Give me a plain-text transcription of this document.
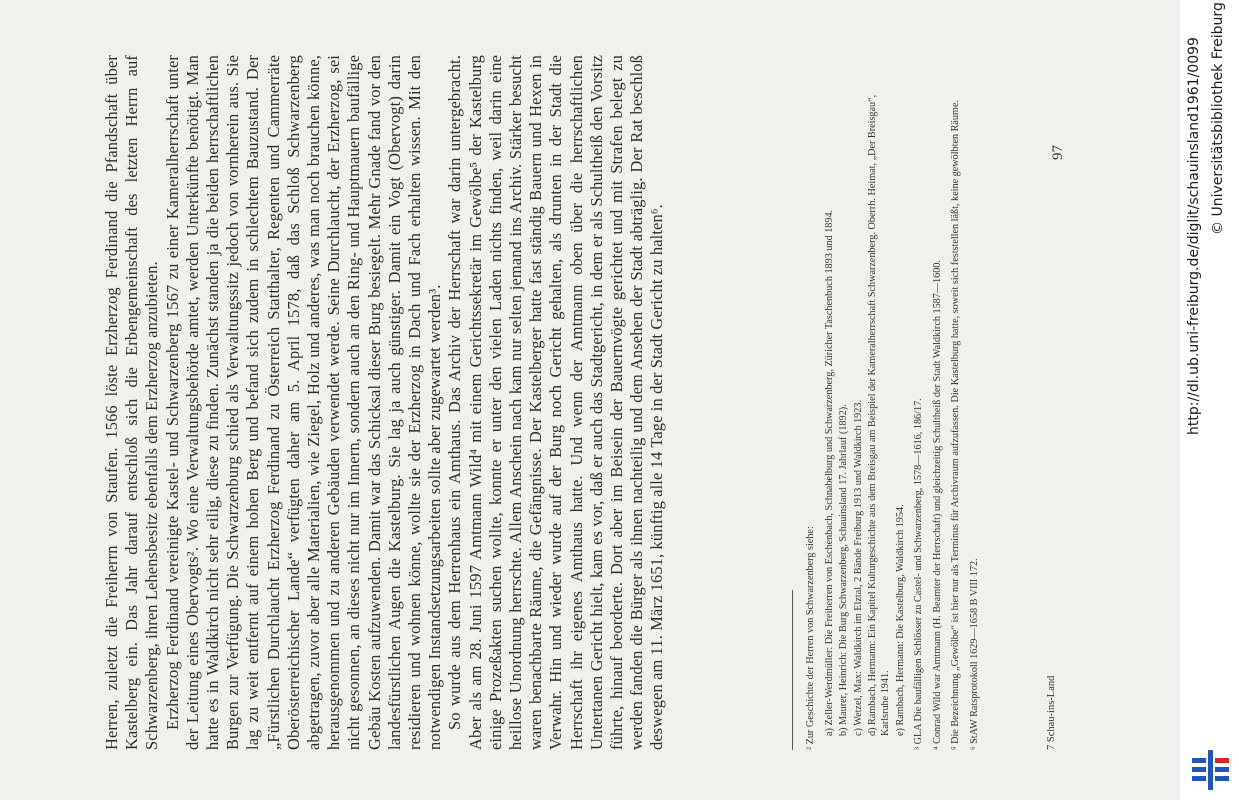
Herren, zuletzt die Freiherrn von Staufen. 1566 löste Erzherzog Ferdinand die Pfandschaft über Kastelberg ein. Das Jahr darauf entschloß sich die Erbengemeinschaft des letzten Herrn auf Schwarzenberg, ihren Lehensbesitz ebenfalls dem Erzherzog anzubieten. Erzherzog Ferdinand vereinigte Kastel- und Schwarzenberg 1567 zu einer Kameralherrschaft unter der Leitung eines Obervogts². Wo eine Verwaltungsbehörde amtet, werden Unterkünfte benötigt. Man hatte es in Waldkirch nicht sehr eilig, diese zu finden. Zunächst standen ja die beiden herrschaftlichen Burgen zur Verfügung. Die Schwarzenburg schied als Verwaltungssitz jedoch von vornherein aus. Sie lag zu weit entfernt auf einem hohen Berg und befand sich zudem in schlechtem Bauzustand. Der „Fürstlichen Durchlaucht Erzherzog Ferdinand zu Österreich Statthalter, Regenten und Cammerräte Oberösterreichischer Lande“ verfügten daher am 5. April 1578, daß das Schloß Schwarzenberg abgetragen, zuvor aber alle Materialien, wie Ziegel, Holz und anderes, was man noch brauchen könne, herausgenommen und zu anderen Gebäuden verwendet werde. Seine Durchlaucht, der Erzherzog, sei nicht gesonnen, an dieses nicht nur im Innern, sondern auch an den Ring- und Hauptmauern baufällige Gebäu Kosten aufzuwenden. Damit war das Schicksal dieser Burg besiegelt. Mehr Gnade fand vor den landesfürstlichen Augen die Kastelburg. Sie lag ja auch günstiger. Damit ein Vogt (Obervogt) darin residieren und wohnen könne, wollte sie der Erzherzog in Dach und Fach erhalten wissen. Mit den notwendigen Instandsetzungsarbeiten sollte aber zugewartet werden³. So wurde aus dem Herrenhaus ein Amthaus. Das Archiv der Herrschaft war darin untergebracht. Aber als am 28. Juni 1597 Amtmann Wild⁴ mit einem Gerichtssekretär im Gewölbe⁵ der Kastelburg einige Prozeßakten suchen wollte, konnte er unter den vielen Laden nichts finden, weil darin eine heillose Unordnung herrschte. Allem Anschein nach kam nur selten jemand ins Archiv. Stärker besucht waren benachbarte Räume, die Gefängnisse. Der Kastelberger hatte fast ständig Bauern und Hexen in Verwahr. Hin und wieder wurde auf der Burg noch Gericht gehalten, als drunten in der Stadt die Herrschaft ihr eigenes Amthaus hatte. Und wenn der Amtmann oben über die herrschaftlichen Untertanen Gericht hielt, kam es vor, daß er auch das Stadtgericht, in dem er als Schultheiß den Vorsitz führte, hinauf beorderte. Dort aber im Beisein der Bauernvögte gerichtet und mit Strafen belegt zu werden fanden die Bürger als ihnen nachteilig und dem Ansehen der Stadt abträglig. Der Rat beschloß deswegen am 11. März 1651, künftig alle 14 Tage in der Stadt Gericht zu halten⁶.	² Zur Geschichte der Herren von Schwarzenberg siehe: a) Zeller-Werdmüller: Die Freiherren von Eschenbach, Schnabelburg und Schwarzenberg, Züricher Taschenbuch 1893 und 1894. b) Maurer, Heinrich: Die Burg Schwarzenberg, Schauinsland 17. Jahrlauf (1892). c) Wetzel, Max: Waldkirch im Elztal, 2 Bände Freiburg 1913 und Waldkirch 1923. d) Rambach, Hermann: Ein Kapitel Kulturgeschichte aus dem Breisgau am Beispiel der Kameralherrschaft Schwarzenberg. Oberrh. Heimat, „Der Breisgau“, Karlsruhe 1941. e) Rambach, Hermann: Die Kastelburg, Waldkirch 1954. ³ GLA Die baufälligen Schlösser zu Castel- und Schwarzenberg, 1578—1616, 186/17. ⁴ Conrad Wild war Amtmann (H. Beamter der Herrschaft) und gleichzeitig Schultheiß der Stadt Waldkirch 1587—1600. ⁵ Die Bezeichnung „Gewölbe“ ist hier nur als Terminus für Archivraum aufzufassen. Die Kastelburg hatte, soweit sich feststellen läßt, keine gewölbten Räume. ⁶ StAW Ratsprotokoll 1629—1658 B VIII 172.	7 Schau-ins-Land
97	http://dl.ub.uni-freiburg.de/diglit/schauinsland1961/0099 © Universitätsbibliothek Freiburg
